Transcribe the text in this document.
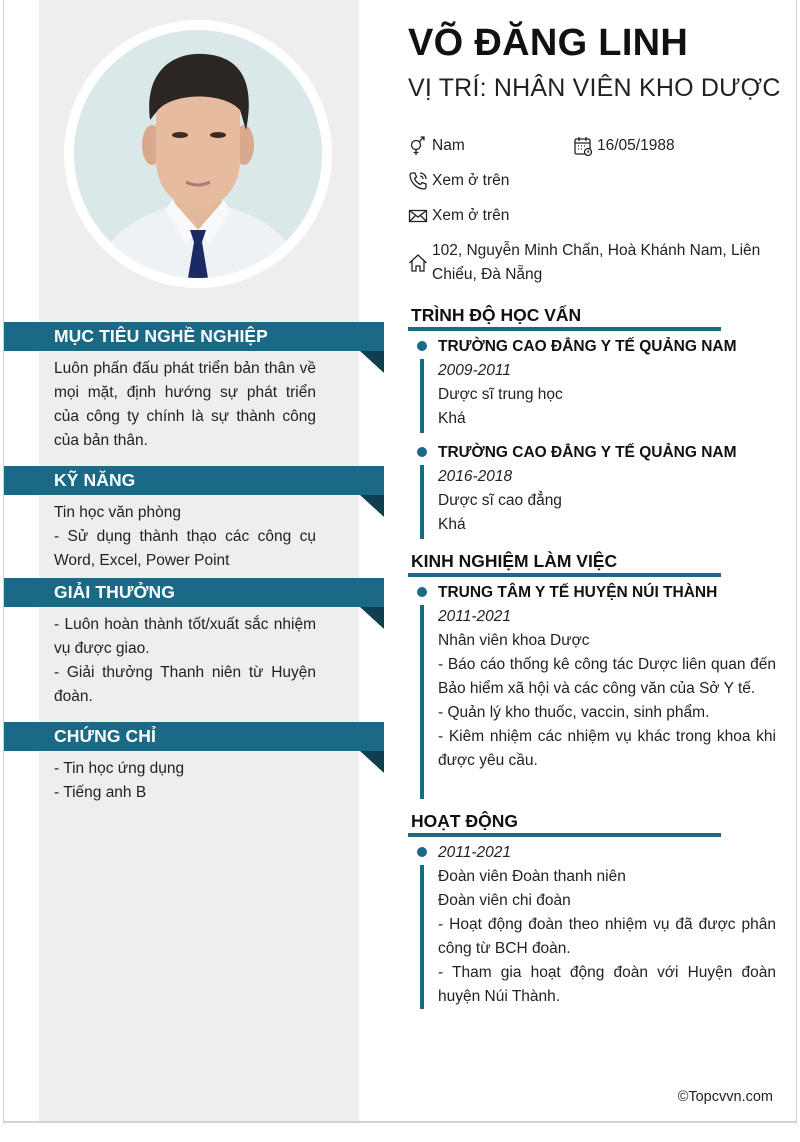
MỤC TIÊU NGHỀ NGHIỆP

Luôn phấn đấu phát triển bản thân về mọi mặt, định hướng sự phát triển của công ty chính là sự thành công của bản thân.

KỸ NĂNG

Tin học văn phòng

- Sử dụng thành thạo các công cụ Word, Excel, Power Point

GIẢI THƯỞNG

- Luôn hoàn thành tốt/xuất sắc nhiệm vụ được giao.

- Giải thưởng Thanh niên từ Huyện đoàn.

CHỨNG CHỈ

- Tin học ứng dụng

- Tiếng anh B

VÕ ĐĂNG LINH
VỊ TRÍ: NHÂN VIÊN KHO DƯỢC
Nam	16/05/1988
Xem ở trên
Xem ở trên
102, Nguyễn Minh Chấn, Hoà Khánh Nam, Liên Chiểu, Đà Nẵng
TRÌNH ĐỘ HỌC VẤN

TRƯỜNG CAO ĐẲNG Y TẾ QUẢNG NAM

2009-2011

Dược sĩ trung học

Khá

TRƯỜNG CAO ĐẲNG Y TẾ QUẢNG NAM

2016-2018

Dược sĩ cao đẳng

Khá

KINH NGHIỆM LÀM VIỆC

TRUNG TÂM Y TẾ HUYỆN NÚI THÀNH

2011-2021

Nhân viên khoa Dược

- Báo cáo thống kê công tác Dược liên quan đến Bảo hiểm xã hội và các công văn của Sở Y tế.

- Quản lý kho thuốc, vaccin, sinh phẩm.

- Kiêm nhiệm các nhiệm vụ khác trong khoa khi được yêu cầu.

HOẠT ĐỘNG

2011-2021

Đoàn viên Đoàn thanh niên

Đoàn viên chi đoàn

- Hoạt động đoàn theo nhiệm vụ đã được phân công từ BCH đoàn.

- Tham gia hoạt động đoàn với Huyện đoàn huyện Núi Thành.

©Topcvvn.com
